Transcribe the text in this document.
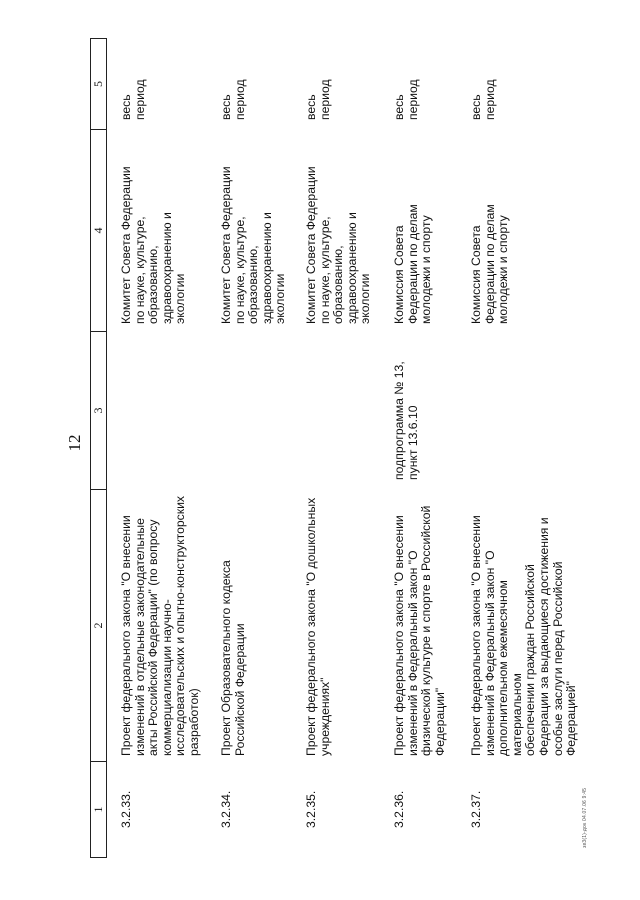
12
1
2
3
4
5
3.2.33.
Проект федерального закона "О внесении
изменений в отдельные законодательные
акты Российской Федерации" (по вопросу
коммерциализации научно-
исследовательских и опытно-конструкторских
разработок)
Комитет Совета Федерации
по науке, культуре,
образованию,
здравоохранению и
экологии
весь
период
3.2.34.
Проект Образовательного кодекса
Российской Федерации
Комитет Совета Федерации
по науке, культуре,
образованию,
здравоохранению и
экологии
весь
период
3.2.35.
Проект федерального закона "О дошкольных
учреждениях"
Комитет Совета Федерации
по науке, культуре,
образованию,
здравоохранению и
экологии
весь
период
3.2.36.
Проект федерального закона "О внесении
изменений в Федеральный закон "О
физической культуре и спорте в Российской
Федерации"
подпрограмма № 13,
пункт 13.6.10
Комиссия Совета
Федерации по делам
молодежи и спорту
весь
период
3.2.37.
Проект федерального закона "О внесении
изменений в Федеральный закон "О
дополнительном ежемесячном материальном
обеспечении граждан Российской
Федерации за выдающиеся достижения и
особые заслуги перед Российской
Федерацией"
Комиссия Совета
Федерации по делам
молодежи и спорту
весь
период
зв3(1)-док 04.07.06 9:45
